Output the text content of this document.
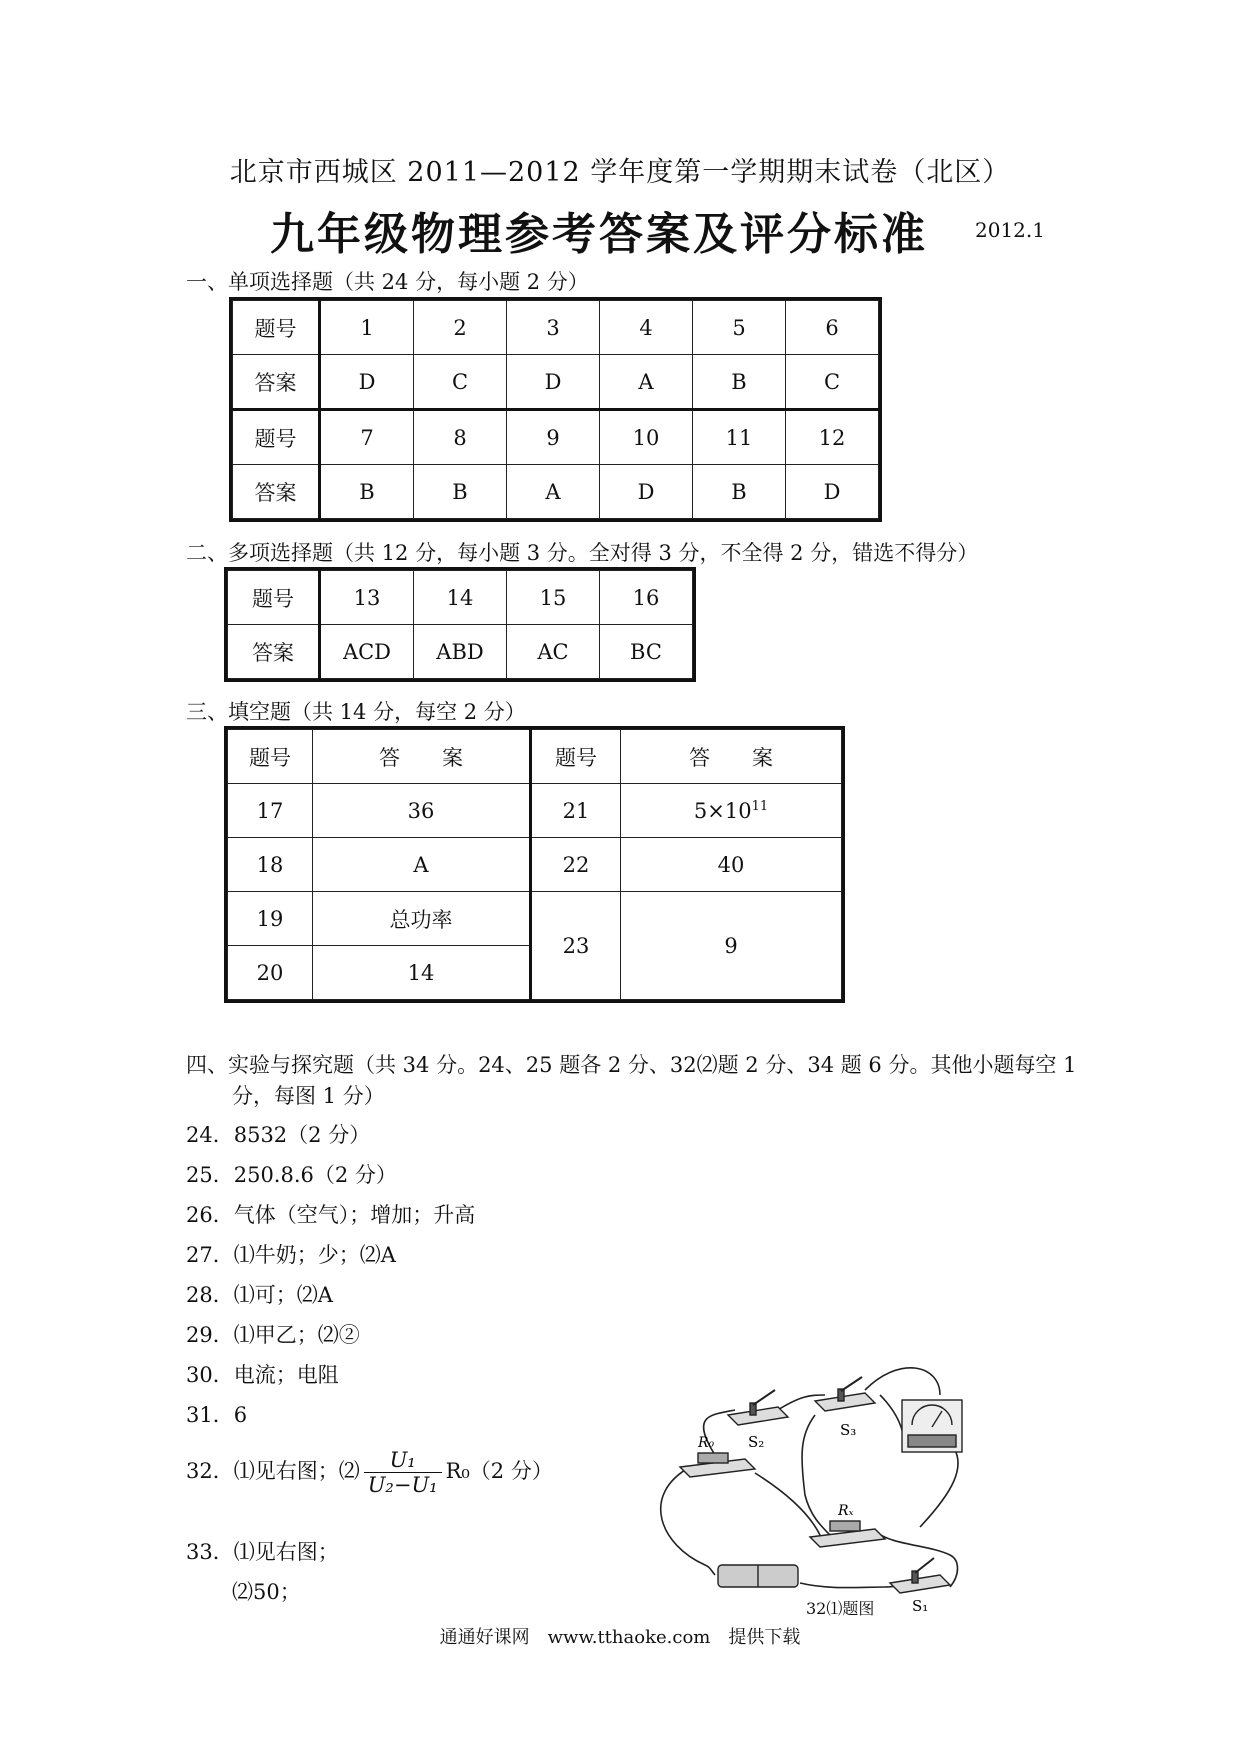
北京市西城区 2011—2012 学年度第一学期期末试卷（北区）
九年级物理参考答案及评分标准 2012.1
一、单项选择题（共 24 分，每小题 2 分）
题号	1	2	3	4	5	6
答案	D	C	D	A	B	C
题号	7	8	9	10	11	12
答案	B	B	A	D	B	D
二、多项选择题（共 12 分，每小题 3 分。全对得 3 分，不全得 2 分，错选不得分）
题号	13	14	15	16
答案	ACD	ABD	AC	BC
三、填空题（共 14 分，每空 2 分）
题号	答　　案	题号	答　　案
17	36	21	$5\times 10^{11}$
18	A	22	40
19	总功率	23	9
20	14		
四、实验与探究题（共 34 分。24、25 题各 2 分、32⑵题 2 分、34 题 6 分。其他小题每空 1
分，每图 1 分）
24．8532（2 分）
25．250.8.6（2 分）
26．气体（空气）；增加；升高
27．⑴牛奶；少；⑵A
28．⑴可；⑵A
29．⑴甲乙；⑵②
30．电流；电阻
31．6
32．⑴见右图；⑵ $\frac{\text{U₁}}{\text{U₂−U₁}} R_0(2$ 分）
33．⑴见右图；
⑵50；
S₂
S₃
R₀
Rₓ
S₁
32⑴题图
通通好课网　www.tthaoke.com　提供下载
